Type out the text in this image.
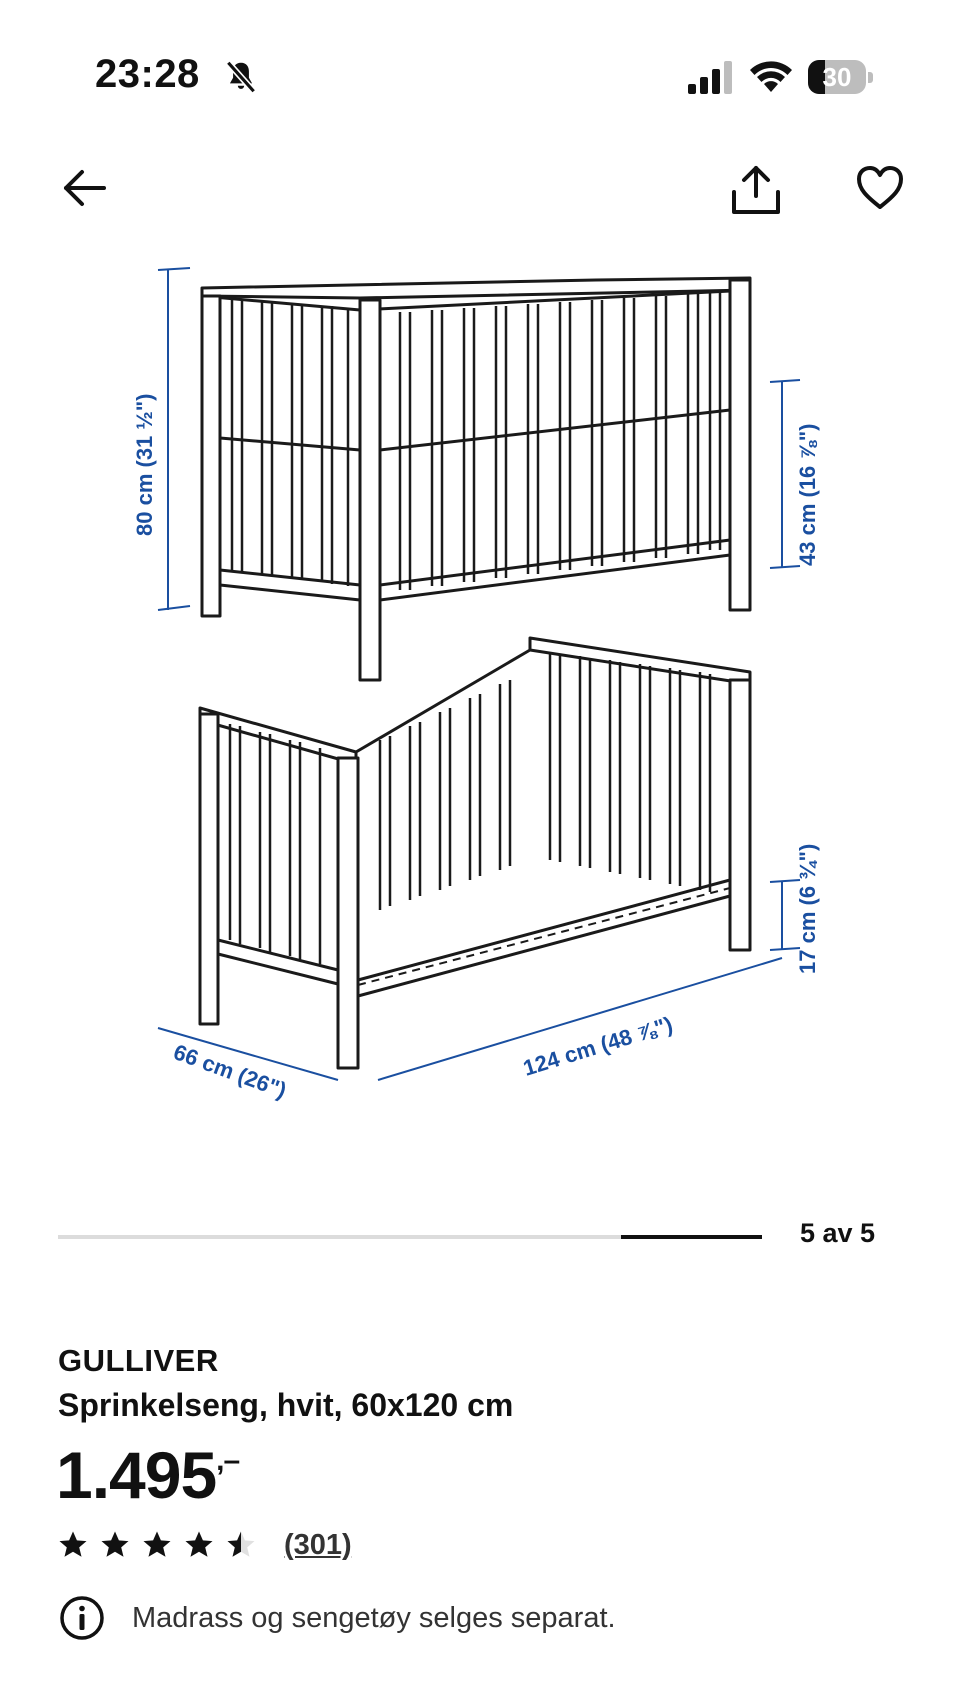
23:28	30
80 cm (31 ½")	43 cm (16 ⅞")
17 cm (6 ¾")
66 cm (26")	124 cm (48 ⅞")
5 av 5
GULLIVER
Sprinkelseng, hvit, 60x120 cm
1.495,–
(301)
Madrass og sengetøy selges separat.
